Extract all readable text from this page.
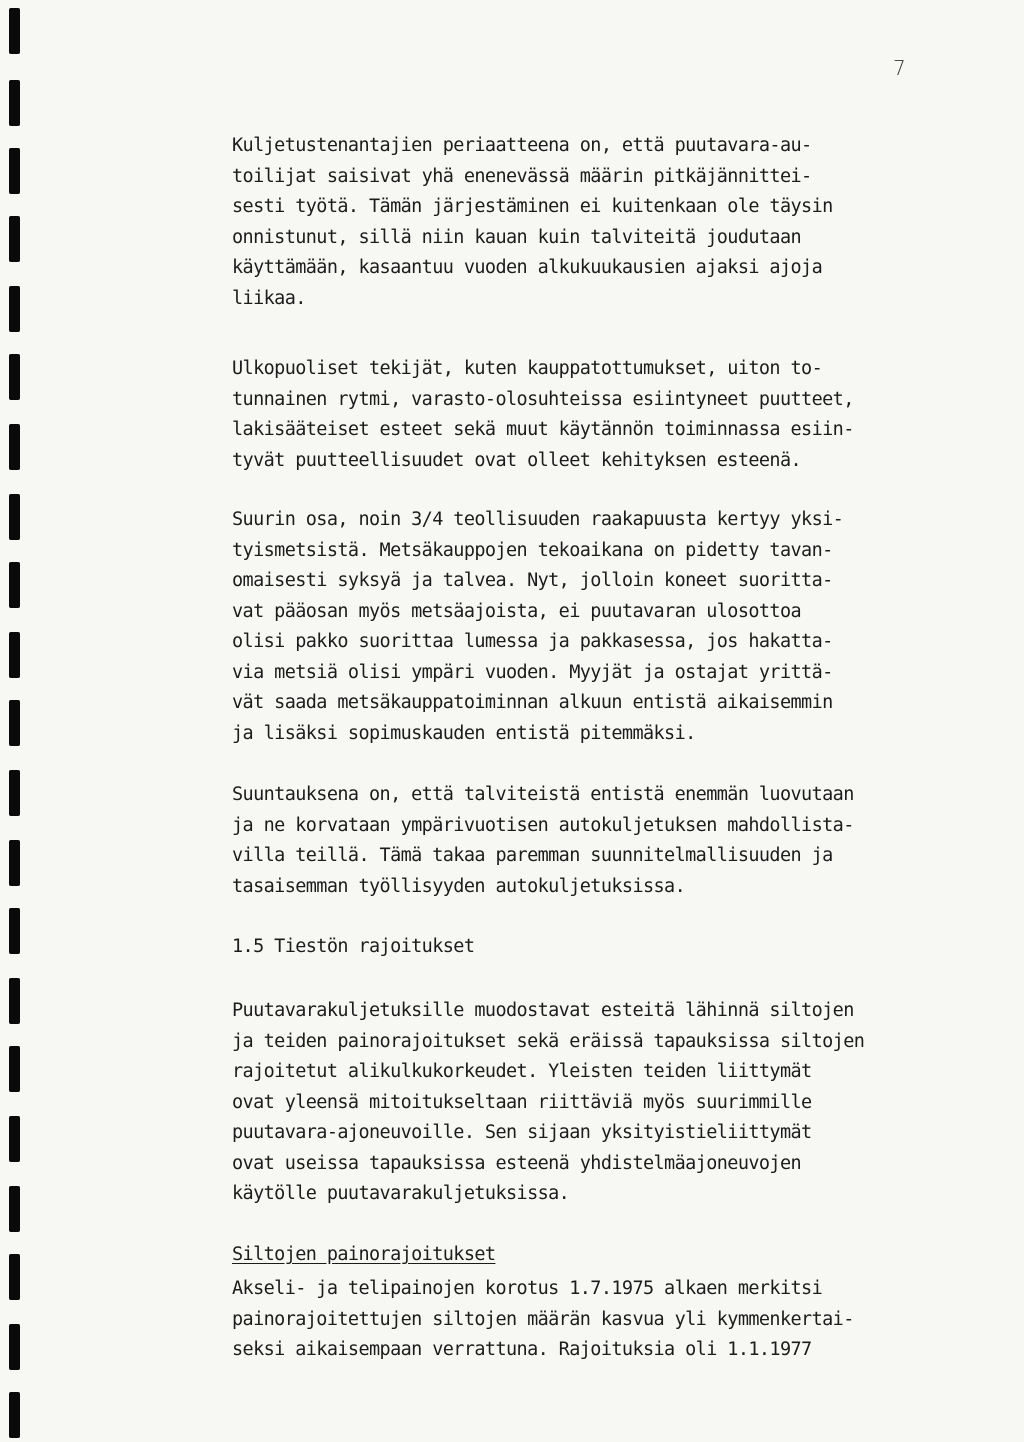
7

Kuljetustenantajien periaatteena on, että puutavara-au-
toilijat saisivat yhä enenevässä määrin pitkäjännittei-
sesti työtä. Tämän järjestäminen ei kuitenkaan ole täysin
onnistunut, sillä niin kauan kuin talviteitä joudutaan
käyttämään, kasaantuu vuoden alkukuukausien ajaksi ajoja
liikaa.

Ulkopuoliset tekijät, kuten kauppatottumukset, uiton to-
tunnainen rytmi, varasto-olosuhteissa esiintyneet puutteet,
lakisääteiset esteet sekä muut käytännön toiminnassa esiin-
tyvät puutteellisuudet ovat olleet kehityksen esteenä.

Suurin osa, noin 3/4 teollisuuden raakapuusta kertyy yksi-
tyismetsistä. Metsäkauppojen tekoaikana on pidetty tavan-
omaisesti syksyä ja talvea. Nyt, jolloin koneet suoritta-
vat pääosan myös metsäajoista, ei puutavaran ulosottoa
olisi pakko suorittaa lumessa ja pakkasessa, jos hakatta-
via metsiä olisi ympäri vuoden. Myyjät ja ostajat yrittä-
vät saada metsäkauppatoiminnan alkuun entistä aikaisemmin
ja lisäksi sopimuskauden entistä pitemmäksi.

Suuntauksena on, että talviteistä entistä enemmän luovutaan
ja ne korvataan ympärivuotisen autokuljetuksen mahdollista-
villa teillä. Tämä takaa paremman suunnitelmallisuuden ja
tasaisemman työllisyyden autokuljetuksissa.

1.5 Tiestön rajoitukset

Puutavarakuljetuksille muodostavat esteitä lähinnä siltojen
ja teiden painorajoitukset sekä eräissä tapauksissa siltojen
rajoitetut alikulkukorkeudet. Yleisten teiden liittymät
ovat yleensä mitoitukseltaan riittäviä myös suurimmille
puutavara-ajoneuvoille. Sen sijaan yksityistieliittymät
ovat useissa tapauksissa esteenä yhdistelmäajoneuvojen
käytölle puutavarakuljetuksissa.

Siltojen painorajoitukset

Akseli- ja telipainojen korotus 1.7.1975 alkaen merkitsi
painorajoitettujen siltojen määrän kasvua yli kymmenkertai-
seksi aikaisempaan verrattuna. Rajoituksia oli 1.1.1977
